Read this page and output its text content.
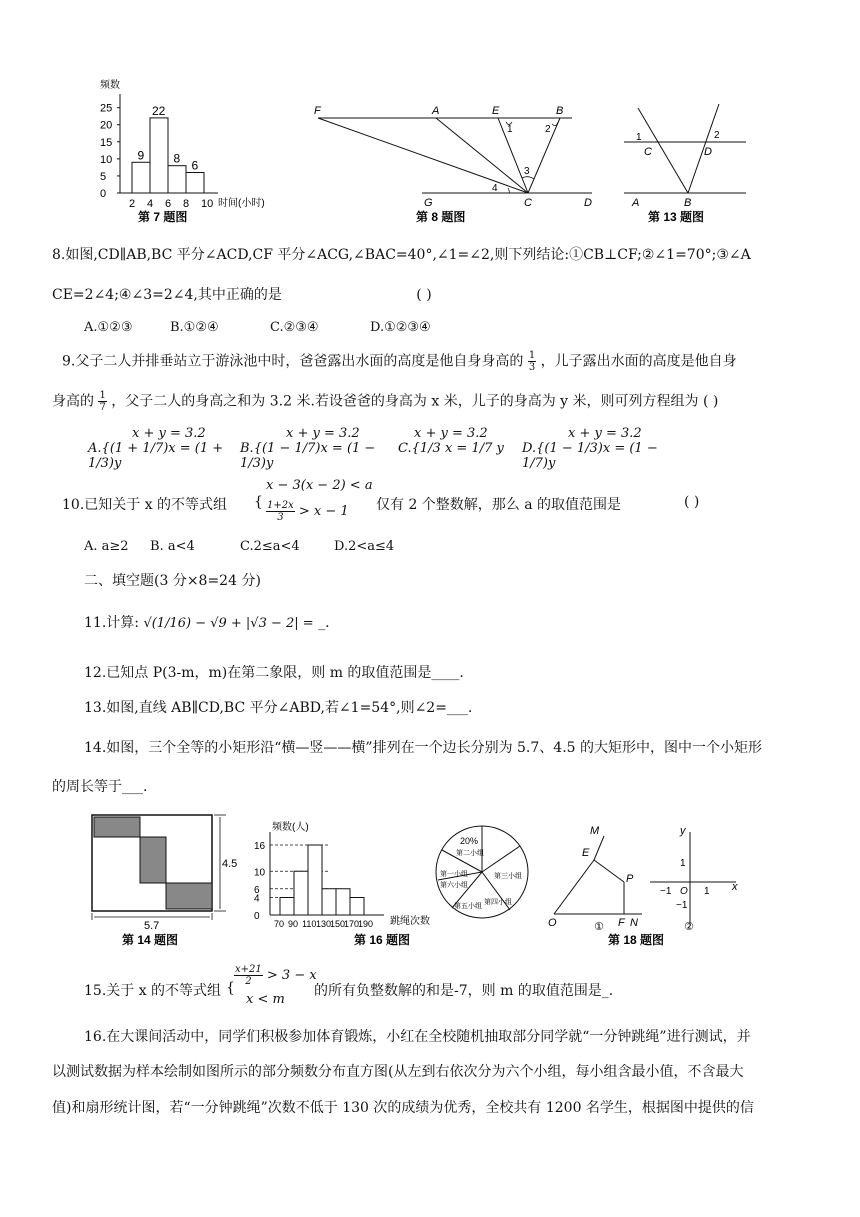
频数
0
5
10
15
20
25
2 4 6 8 10
9
22
8 6
时间(小时)
第 7 题图
F	A	E	B
1	2
3
4
G	C	D
第 8 题图
1	2
C	D
A	B
第 13 题图
8.如图,CD∥AB,BC 平分∠ACD,CF 平分∠ACG,∠BAC=40°,∠1=∠2,则下列结论:①CB⊥CF;②∠1=70°;③∠A
CE=2∠4;④∠3=2∠4,其中正确的是	( )
A.①②③	B.①②④	C.②③④	D.①②③④
9.父子二人并排垂站立于游泳池中时，爸爸露出水面的高度是他自身身高的 $\frac{1}{3}$ ，儿子露出水面的高度是他自身
身高的 $\frac{1}{7}$ ，父子二人的身高之和为 3.2 米.若设爸爸的身高为 x 米，儿子的身高为 y 米，则可列方程组为 ( )
x + y = 3.2
A.{(1 + 1/7)x = (1 + 1/3)y
x + y = 3.2
B.{(1 − 1/7)x = (1 − 1/3)y
x + y = 3.2
C.{1/3 x = 1/7 y
x + y = 3.2
D.{(1 − 1/3)x = (1 − 1/7)y
10.已知关于 x 的不等式组 {
x − 3(x − 2) < a
$\frac{1+2x}{3} > x - 1$ 仅有 2 个整数解，那么 a 的取值范围是	( )
A. a≥2 B. a<4	C.2≤a<4	D.2<a≤4
二、填空题(3 分×8=24 分)
11.计算: √(1/16) − √9 + |√3 − 2| = _.
12.已知点 P(3-m，m)在第二象限，则 m 的取值范围是____.
13.如图,直线 AB∥CD,BC 平分∠ABD,若∠1=54°,则∠2=___.
14.如图，三个全等的小矩形沿“横—竖——横”排列在一个边长分别为 5.7、4.5 的大矩形中，图中一个小矩形
的周长等于___.
4.5
5.7
第 14 题图
频数(人)
0
4
6
10
16
70 90 110 130
150
170
190 跳绳次数
第 16 题图
20%
第二小组
第三小组
第一小组
第六小组
第五小组
第四小组
M
E
P
O	F N
①
y
1
−1 O 1 x
−1
②
第 18 题图
15.关于 x 的不等式组 {
$\frac{x+21}{2} > 3 - x$
x < m
的所有负整数解的和是-7，则 m 的取值范围是_.
16.在大课间活动中，同学们积极参加体育锻炼，小红在全校随机抽取部分同学就“一分钟跳绳”进行测试，并
以测试数据为样本绘制如图所示的部分频数分布直方图(从左到右依次分为六个小组，每小组含最小值，不含最大
值)和扇形统计图，若“一分钟跳绳”次数不低于 130 次的成绩为优秀，全校共有 1200 名学生，根据图中提供的信
